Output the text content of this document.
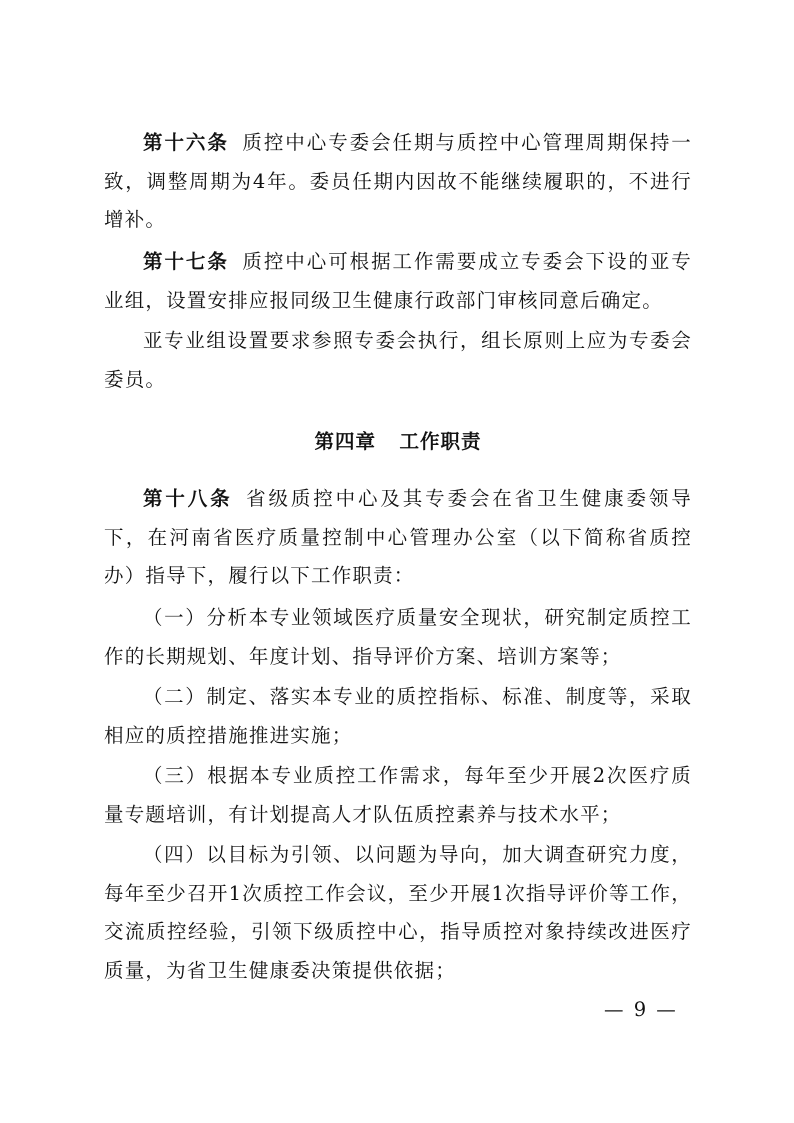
第十六条 质控中心专委会任期与质控中心管理周期保持一致，调整周期为4年。委员任期内因故不能继续履职的，不进行增补。

第十七条 质控中心可根据工作需要成立专委会下设的亚专业组，设置安排应报同级卫生健康行政部门审核同意后确定。

亚专业组设置要求参照专委会执行，组长原则上应为专委会委员。

第四章 工作职责

第十八条 省级质控中心及其专委会在省卫生健康委领导下，在河南省医疗质量控制中心管理办公室（以下简称省质控办）指导下，履行以下工作职责：

（一）分析本专业领域医疗质量安全现状，研究制定质控工作的长期规划、年度计划、指导评价方案、培训方案等；

（二）制定、落实本专业的质控指标、标准、制度等，采取相应的质控措施推进实施；

（三）根据本专业质控工作需求，每年至少开展2次医疗质量专题培训，有计划提高人才队伍质控素养与技术水平；

（四）以目标为引领、以问题为导向，加大调查研究力度，每年至少召开1次质控工作会议，至少开展1次指导评价等工作，交流质控经验，引领下级质控中心，指导质控对象持续改进医疗质量，为省卫生健康委决策提供依据；

— 9 —
